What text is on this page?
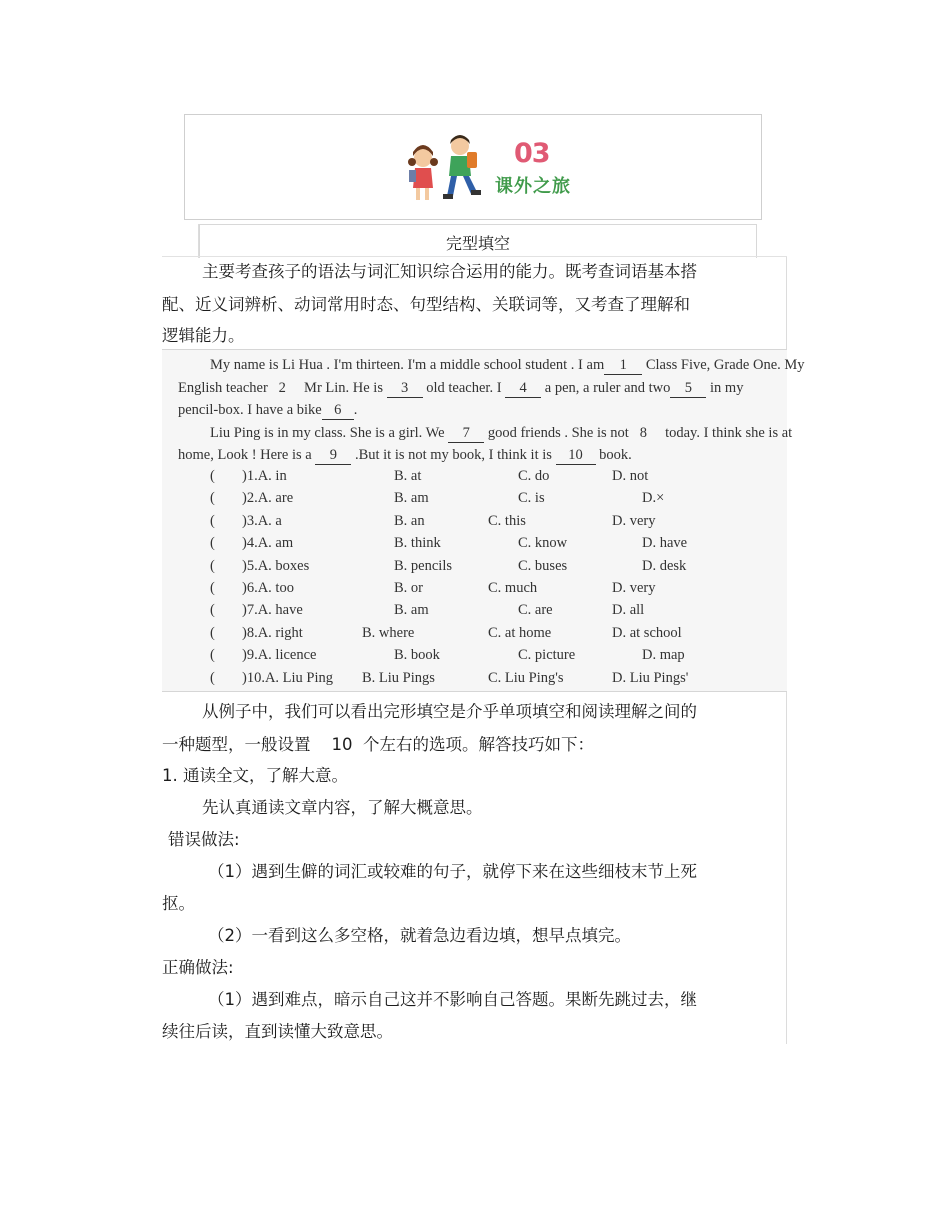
03
课外之旅
完型填空
主要考查孩子的语法与词汇知识综合运用的能力。既考查词语基本搭
配、近义词辨析、动词常用时态、句型结构、关联词等，又考查了理解和
逻辑能力。
My name is Li Hua . I'm thirteen. I'm a middle school student . I am 1 Class Five, Grade One. My
English teacher 2 Mr Lin. He is 3 old teacher. I 4 a pen, a ruler and two 5 in my
pencil-box. I have a bike 6 .
Liu Ping is in my class. She is a girl. We 7 good friends . She is not 8 today. I think she is at
home, Look ! Here is a 9 .But it is not my book, I think it is 10 book.
( )1.A. in	B. at	C. do	D. not
( )2.A. are	B. am	C. is	D.×
( )3.A. a	B. an	C. this	D. very
( )4.A. am	B. think	C. know	D. have
( )5.A. boxes	B. pencils	C. buses	D. desk
( )6.A. too	B. or	C. much	D. very
( )7.A. have	B. am	C. are	D. all
( )8.A. right	B. where	C. at home	D. at school
( )9.A. licence	B. book	C. picture	D. map
( )10.A. Liu Ping B. Liu Pings	C. Liu Ping's	D. Liu Pings'
从例子中，我们可以看出完形填空是介乎单项填空和阅读理解之间的
一种题型，一般设置 10 个左右的选项。解答技巧如下：
1. 通读全文，了解大意。
先认真通读文章内容，了解大概意思。
错误做法:
（1）遇到生僻的词汇或较难的句子，就停下来在这些细枝末节上死
抠。
（2）一看到这么多空格，就着急边看边填，想早点填完。
正确做法:
（1）遇到难点，暗示自己这并不影响自己答题。果断先跳过去，继
续往后读，直到读懂大致意思。
